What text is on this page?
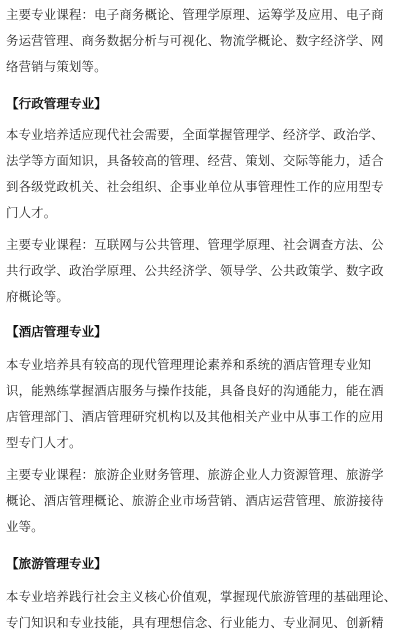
主要专业课程：电子商务概论、管理学原理、运筹学及应用、电子商
务运营管理、商务数据分析与可视化、物流学概论、数字经济学、网
络营销与策划等。
【行政管理专业】
本专业培养适应现代社会需要，全面掌握管理学、经济学、政治学、
法学等方面知识，具备较高的管理、经营、策划、交际等能力，适合
到各级党政机关、社会组织、企事业单位从事管理性工作的应用型专
门人才。
主要专业课程：互联网与公共管理、管理学原理、社会调查方法、公
共行政学、政治学原理、公共经济学、领导学、公共政策学、数字政
府概论等。
【酒店管理专业】
本专业培养具有较高的现代管理理论素养和系统的酒店管理专业知
识，能熟练掌握酒店服务与操作技能，具备良好的沟通能力，能在酒
店管理部门、酒店管理研究机构以及其他相关产业中从事工作的应用
型专门人才。
主要专业课程：旅游企业财务管理、旅游企业人力资源管理、旅游学
概论、酒店管理概论、旅游企业市场营销、酒店运营管理、旅游接待
业等。
【旅游管理专业】
本专业培养践行社会主义核心价值观，掌握现代旅游管理的基础理论、
专门知识和专业技能，具有理想信念、行业能力、专业洞见、创新精
